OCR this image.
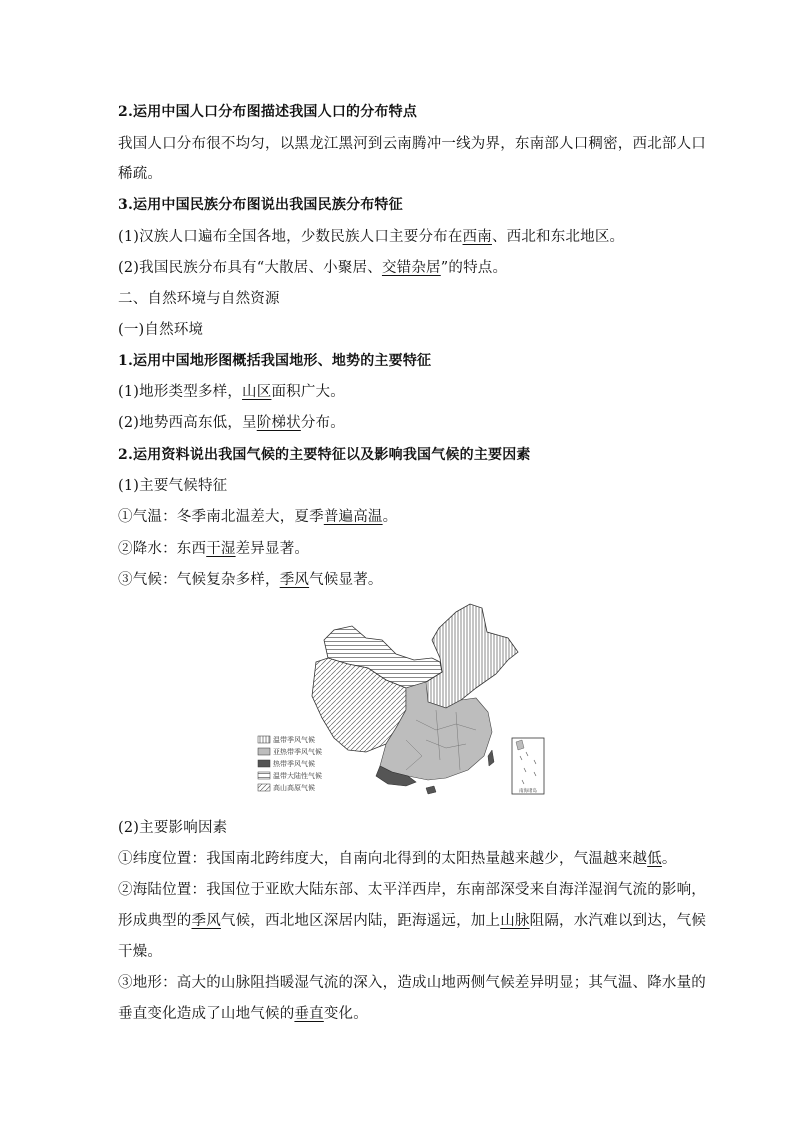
2.运用中国人口分布图描述我国人口的分布特点

我国人口分布很不均匀，以黑龙江黑河到云南腾冲一线为界，东南部人口稠密，西北部人口

稀疏。

3.运用中国民族分布图说出我国民族分布特征

(1)汉族人口遍布全国各地，少数民族人口主要分布在西南、西北和东北地区。

(2)我国民族分布具有“大散居、小聚居、交错杂居”的特点。

二、自然环境与自然资源

(一)自然环境

1.运用中国地形图概括我国地形、地势的主要特征

(1)地形类型多样，山区面积广大。

(2)地势西高东低，呈阶梯状分布。

2.运用资料说出我国气候的主要特征以及影响我国气候的主要因素

(1)主要气候特征

①气温：冬季南北温差大，夏季普遍高温。

②降水：东西干湿差异显著。

③气候：气候复杂多样，季风气候显著。

南海诸岛
温带季风气候
亚热带季风气候
热带季风气候
温带大陆性气候
高山高原气候

(2)主要影响因素

①纬度位置：我国南北跨纬度大，自南向北得到的太阳热量越来越少，气温越来越低。

②海陆位置：我国位于亚欧大陆东部、太平洋西岸，东南部深受来自海洋湿润气流的影响，

形成典型的季风气候，西北地区深居内陆，距海遥远，加上山脉阻隔，水汽难以到达，气候

干燥。

③地形：高大的山脉阻挡暖湿气流的深入，造成山地两侧气候差异明显；其气温、降水量的

垂直变化造成了山地气候的垂直变化。
